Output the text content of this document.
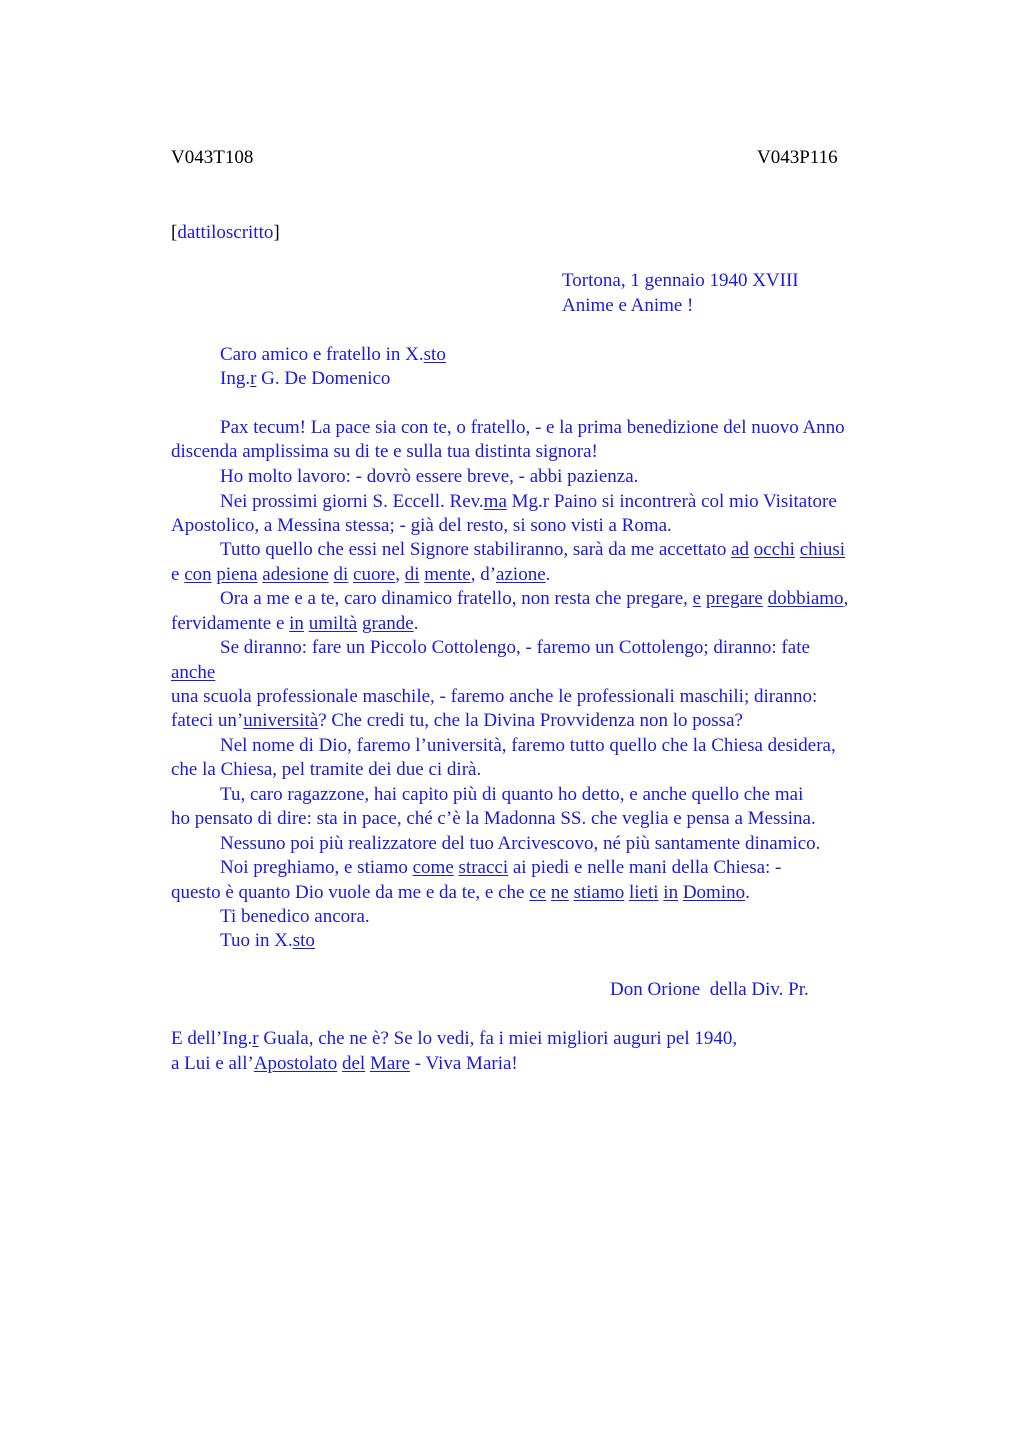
V043T108	V043P116
[dattiloscritto]
Tortona, 1 gennaio 1940 XVIII
Anime e Anime !
Caro amico e fratello in X.sto
Ing.r G. De Domenico
Pax tecum! La pace sia con te, o fratello, - e la prima benedizione del nuovo Anno
discenda amplissima su di te e sulla tua distinta signora!
Ho molto lavoro: - dovrò essere breve, - abbi pazienza.
Nei prossimi giorni S. Eccell. Rev.ma Mg.r Paino si incontrerà col mio Visitatore
Apostolico, a Messina stessa; - già del resto, si sono visti a Roma.
Tutto quello che essi nel Signore stabiliranno, sarà da me accettato ad occhi chiusi
e con piena adesione di cuore, di mente, d’azione.
Ora a me e a te, caro dinamico fratello, non resta che pregare, e pregare dobbiamo,
fervidamente e in umiltà grande.
Se diranno: fare un Piccolo Cottolengo, - faremo un Cottolengo; diranno: fate
anche
una scuola professionale maschile, - faremo anche le professionali maschili; diranno:
fateci un’università? Che credi tu, che la Divina Provvidenza non lo possa?
Nel nome di Dio, faremo l’università, faremo tutto quello che la Chiesa desidera,
che la Chiesa, pel tramite dei due ci dirà.
Tu, caro ragazzone, hai capito più di quanto ho detto, e anche quello che mai
ho pensato di dire: sta in pace, ché c’è la Madonna SS. che veglia e pensa a Messina.
Nessuno poi più realizzatore del tuo Arcivescovo, né più santamente dinamico.
Noi preghiamo, e stiamo come stracci ai piedi e nelle mani della Chiesa: -
questo è quanto Dio vuole da me e da te, e che ce ne stiamo lieti in Domino.
Ti benedico ancora.
Tuo in X.sto
Don Orione  della Div. Pr.
E dell’Ing.r Guala, che ne è? Se lo vedi, fa i miei migliori auguri pel 1940,
a Lui e all’Apostolato del Mare - Viva Maria!
